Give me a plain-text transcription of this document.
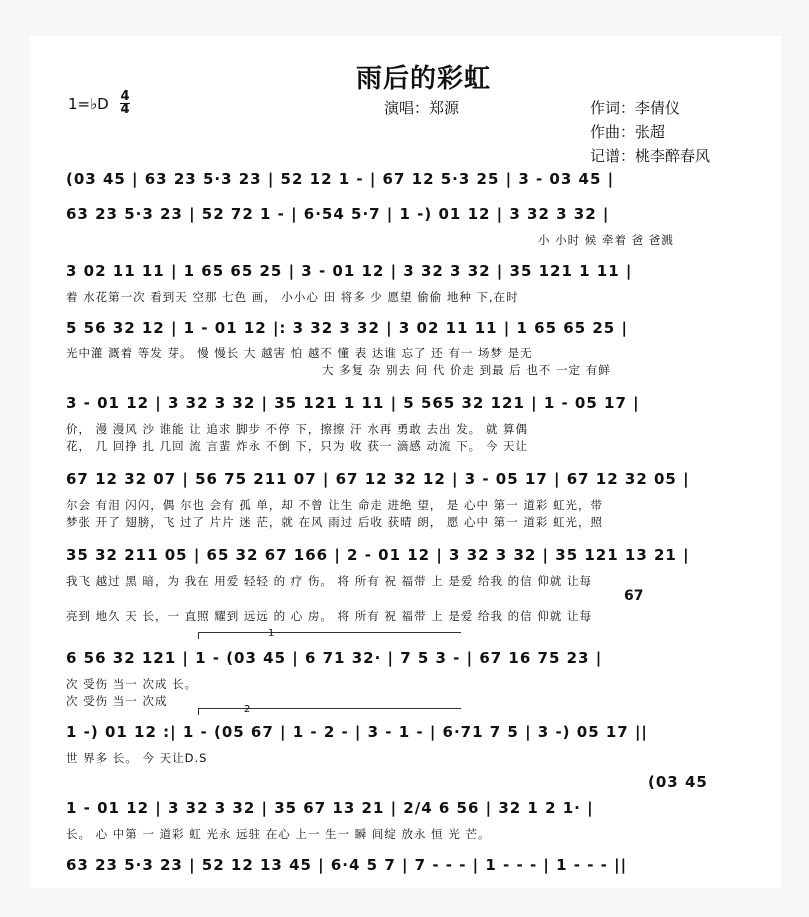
雨后的彩虹
1=♭D 4
4	演唱：郑源	作词：李倩仪
作曲：张超
记谱：桃李醉春风
(03 45 | 63 23 5·3 23 | 52 12 1 - | 67 12 5·3 25 | 3 - 03 45 |
63 23 5·3 23 | 52 72 1 - | 6·54 5·7 | 1 -) 01 12 | 3 32 3 32 |
小 小时 候 牵着 爸 爸溅
3 02 11 11 | 1 65 65 25 | 3 - 01 12 | 3 32 3 32 | 35 121 1 11 |
着 水花第一次 看到天 空那 七色 画， 小小心 田 将多 少 愿望 偷偷 地种 下,在时
5 56 32 12 | 1 - 01 12 |: 3 32 3 32 | 3 02 11 11 | 1 65 65 25 |
光中灌 溉着 等发 芽。 慢 慢长 大 越害 怕 越不 懂 表 达谁 忘了 还 有一 场梦 是无
大 多复 杂 别去 问 代 价走 到最 后 也不 一定 有鲜
3 - 01 12 | 3 32 3 32 | 35 121 1 11 | 5 565 32 121 | 1 - 05 17 |
价， 漫 漫风 沙 谁能 让 追求 脚步 不停 下，擦擦 汗 水再 勇敢 去出 发。 就 算偶
花， 几 回挣 扎 几回 流 言蜚 炸永 不倒 下，只为 收 获一 滴感 动流 下。 今 天让
67 12 32 07 | 56 75 211 07 | 67 12 32 12 | 3 - 05 17 | 67 12 32 05 |
尔会 有泪 闪闪，偶 尔也 会有 孤 单，却 不曾 让生 命走 进绝 望， 是 心中 第一 道彩 虹光，带
梦张 开了 翅膀，飞 过了 片片 迷 茫，就 在风 雨过 后收 获晴 朗， 愿 心中 第一 道彩 虹光，照
35 32 211 05 | 65 32 67 166 | 2 - 01 12 | 3 32 3 32 | 35 121 13 21 |
我飞 越过 黑 暗，为 我在 用爱 轻轻 的 疗 伤。 将 所有 祝 福带 上 是爱 给我 的信 仰就 让每
67
亮到 地久 天 长，一 直照 耀到 远远 的 心 房。 将 所有 祝 福带 上 是爱 给我 的信 仰就 让每
1
6 56 32 121 | 1 - (03 45 | 6 71 32· | 7 5 3 - | 67 16 75 23 |
次 受伤 当一 次成 长。
次 受伤 当一 次成
2
1 -) 01 12 :| 1 - (05 67 | 1 - 2 - | 3 - 1 - | 6·71 7 5 | 3 -) 05 17 ||
世 界多 长。 今 天让D.S
(03 45
1 - 01 12 | 3 32 3 32 | 35 67 13 21 | 2/4 6 56 | 32 1 2 1· |
长。 心 中第 一 道彩 虹 光永 远驻 在心 上一 生一 瞬 间绽 放永 恒 光 芒。
63 23 5·3 23 | 52 12 13 45 | 6·4 5 7 | 7 - - - | 1 - - - | 1 - - - ||
